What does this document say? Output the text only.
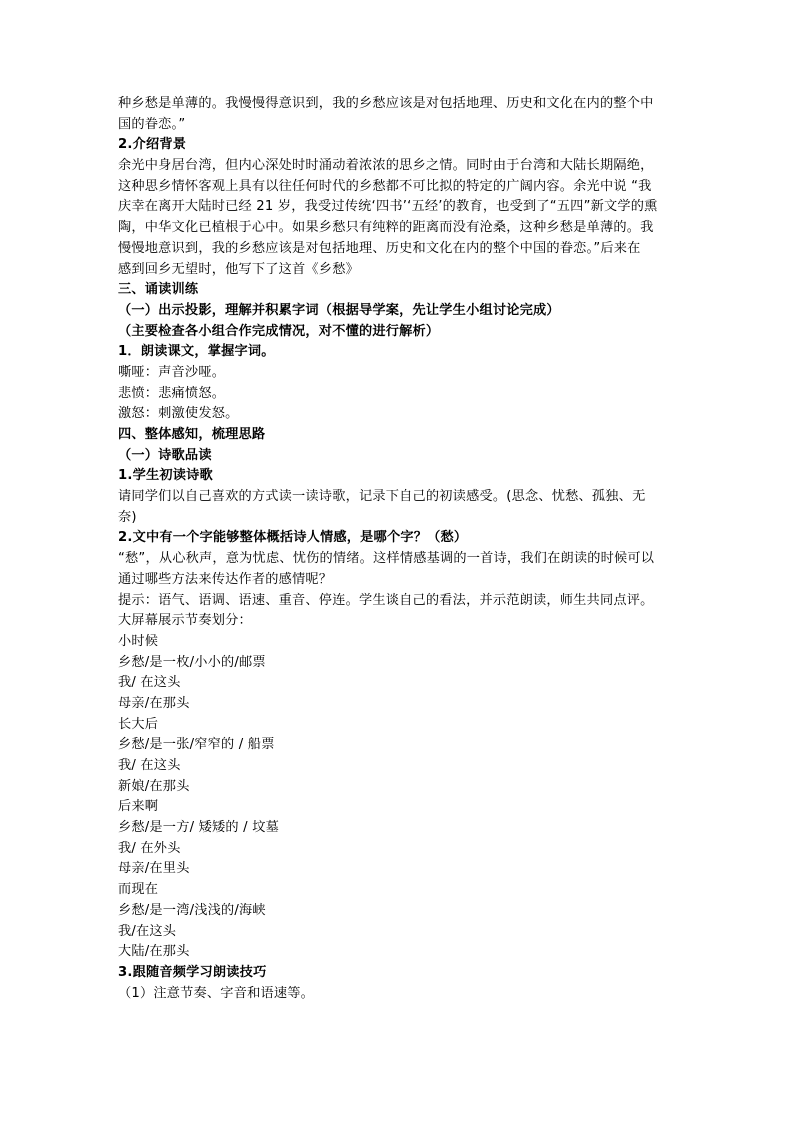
种乡愁是单薄的。我慢慢得意识到，我的乡愁应该是对包括地理、历史和文化在内的整个中
国的眷恋。”
2.介绍背景
余光中身居台湾，但内心深处时时涌动着浓浓的思乡之情。同时由于台湾和大陆长期隔绝，
这种思乡情怀客观上具有以往任何时代的乡愁都不可比拟的特定的广阔内容。余光中说 “我
庆幸在离开大陆时已经 21 岁，我受过传统‘四书’‘五经’的教育，也受到了“五四”新文学的熏
陶，中华文化已植根于心中。如果乡愁只有纯粹的距离而没有沧桑，这种乡愁是单薄的。我
慢慢地意识到，我的乡愁应该是对包括地理、历史和文化在内的整个中国的眷恋。”后来在
感到回乡无望时，他写下了这首《乡愁》
三、诵读训练
（一）出示投影，理解并积累字词（根据导学案，先让学生小组讨论完成）
（主要检查各小组合作完成情况，对不懂的进行解析）
1．朗读课文，掌握字词。
嘶哑：声音沙哑。
悲愤：悲痛愤怒。
激怒：刺激使发怒。
四、整体感知，梳理思路
（一）诗歌品读
1.学生初读诗歌
请同学们以自己喜欢的方式读一读诗歌，记录下自己的初读感受。(思念、忧愁、孤独、无
奈)
2.文中有一个字能够整体概括诗人情感，是哪个字？（愁）
“愁”，从心秋声，意为忧虑、忧伤的情绪。这样情感基调的一首诗，我们在朗读的时候可以
通过哪些方法来传达作者的感情呢？
提示：语气、语调、语速、重音、停连。学生谈自己的看法，并示范朗读，师生共同点评。
大屏幕展示节奏划分：
小时候
乡愁/是一枚/小小的/邮票
我/ 在这头
母亲/在那头
长大后
乡愁/是一张/窄窄的 / 船票
我/ 在这头
新娘/在那头
后来啊
乡愁/是一方/ 矮矮的 / 坟墓
我/ 在外头
母亲/在里头
而现在
乡愁/是一湾/浅浅的/海峡
我/在这头
大陆/在那头
3.跟随音频学习朗读技巧
（1）注意节奏、字音和语速等。
